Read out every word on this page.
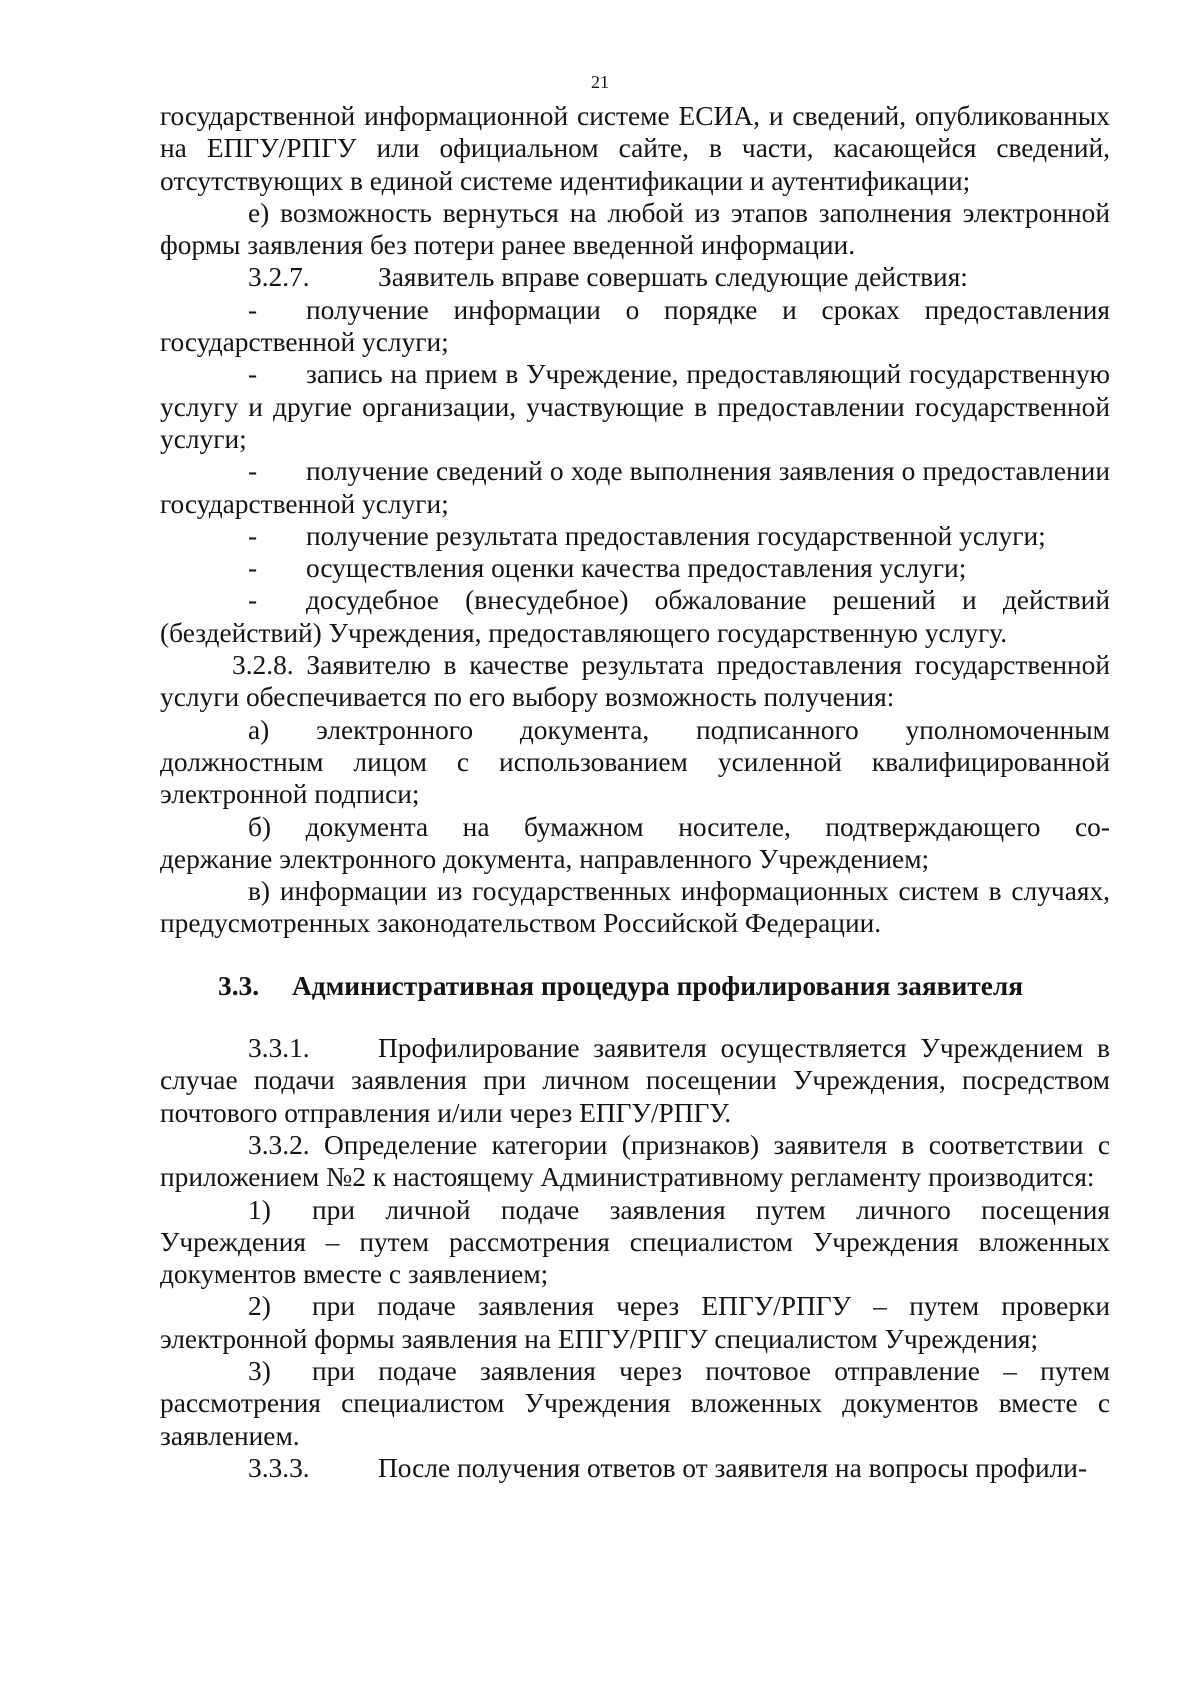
21

государственной информационной системе ЕСИА, и сведений, опубликованных на ЕПГУ/РПГУ или официальном сайте, в части, касающейся сведений, отсутствующих в единой системе идентификации и аутентификации;

е) возможность вернуться на любой из этапов заполнения электронной формы заявления без потери ранее введенной информации.

3.2.7. Заявитель вправе совершать следующие действия:

- получение информации о порядке и сроках предоставления государственной услуги;

- запись на прием в Учреждение, предоставляющий государственную услугу и другие организации, участвующие в предоставлении государственной услуги;

- получение сведений о ходе выполнения заявления о предоставлении государственной услуги;

- получение результата предоставления государственной услуги;

- осуществления оценки качества предоставления услуги;

- досудебное (внесудебное) обжалование решений и действий (бездействий) Учреждения, предоставляющего государственную услугу.

3.2.8. Заявителю в качестве результата предоставления государственной услуги обеспечивается по его выбору возможность получения:

а) электронного документа, подписанного уполномоченным должностным лицом с использованием усиленной квалифицированной электронной подписи;

б) документа на бумажном носителе, подтверждающего со-

держание электронного документа, направленного Учреждением;

в) информации из государственных информационных систем в случаях, предусмотренных законодательством Российской Федерации.

3.3. Административная процедура профилирования заявителя

3.3.1. Профилирование заявителя осуществляется Учреждением в случае подачи заявления при личном посещении Учреждения, посредством почтового отправления и/или через ЕПГУ/РПГУ.

3.3.2. Определение категории (признаков) заявителя в соответствии с приложением №2 к настоящему Административному регламенту производится:

1) при личной подаче заявления путем личного посещения Учреждения – путем рассмотрения специалистом Учреждения вложенных документов вместе с заявлением;

2) при подаче заявления через ЕПГУ/РПГУ – путем проверки электронной формы заявления на ЕПГУ/РПГУ специалистом Учреждения;

3) при подаче заявления через почтовое отправление – путем рассмотрения специалистом Учреждения вложенных документов вместе с заявлением.

3.3.3. После получения ответов от заявителя на вопросы профили-
